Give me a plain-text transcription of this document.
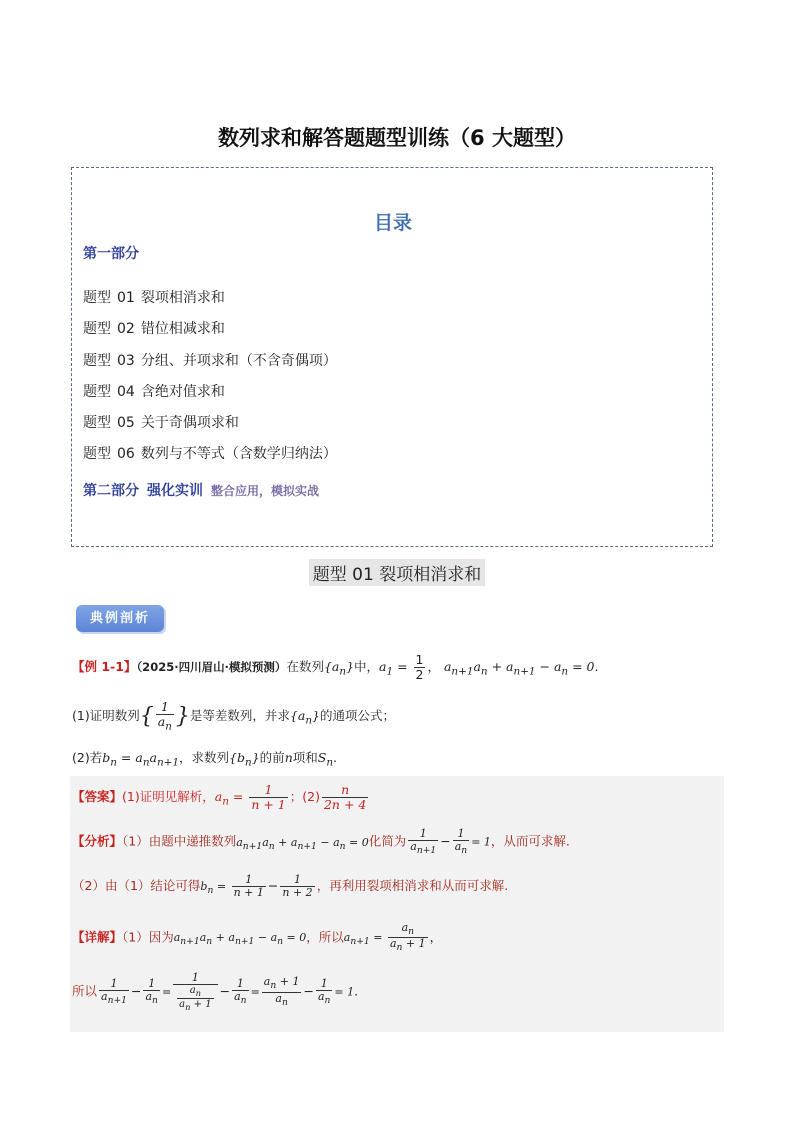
数列求和解答题题型训练（6 大题型）
目录
第一部分
题型 01 裂项相消求和
题型 02 错位相减求和
题型 03 分组、并项求和（不含奇偶项）
题型 04 含绝对值求和
题型 05 关于奇偶项求和
题型 06 数列与不等式（含数学归纳法）
第二部分 强化实训 整合应用，模拟实战
题型 01 裂项相消求和
典例剖析
【例 1-1】（2025·四川眉山·模拟预测）在数列$\{a_n\}$中，$a_1 = \frac{1}{2}$ ， $a_{n+1}a_n + a_{n+1} - a_n = 0$.
(1)证明数列{ $\frac{1}{a_n}$ }是等差数列，并求$\{a_n\}$的通项公式；
(2)若$b_n = a_na_{n+1}$，求数列$\{b_n\}$的前n项和$S_n$.
【答案】(1)证明见解析，$a_n = \frac{1}{n + 1}$ ；$(2) \frac{n}{2n + 4}$
【分析】（1）由题中递推数列$a_{n+1}a_n + a_{n+1} - a_n = 0$化简为 $\frac{1}{a_{n+1}} - \frac{1}{a_n} = 1$，从而可求解.
（2）由（1）结论可得$b_n = \frac{1}{n + 1} - \frac{1}{n + 2}$ ，再利用裂项相消求和从而可求解.
【详解】（1）因为$a_{n+1}a_n + a_{n+1} - a_n = 0$，所以$a_{n+1} = \frac{a_n}{a_n + 1}$ ，
所以 $\frac{1}{a_{n+1}} - \frac{1}{a_n} = \frac{1}{\frac{a_n}{a_n + 1}} - \frac{1}{a_n} = \frac{a_n + 1}{a_n} - \frac{1}{a_n} = 1$.
